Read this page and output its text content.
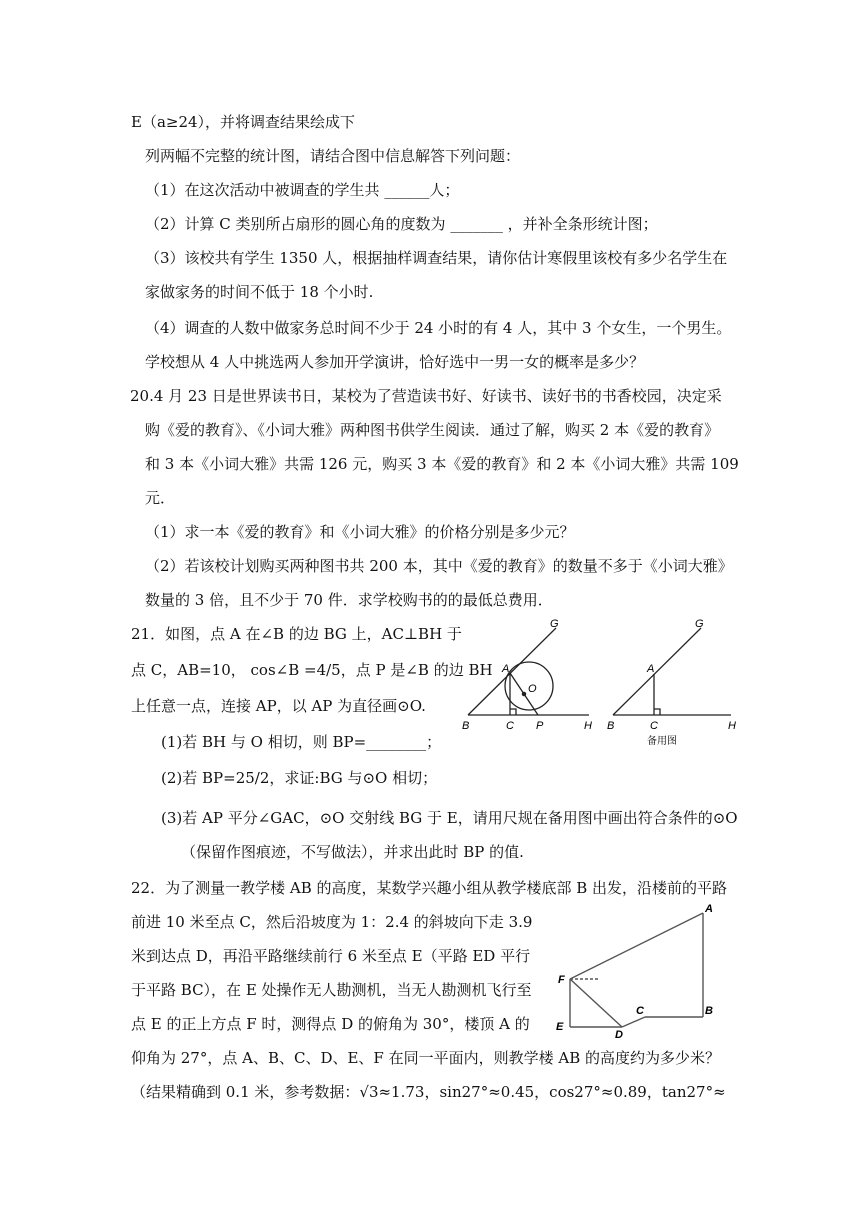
E（a≥24），并将调查结果绘成下
列两幅不完整的统计图，请结合图中信息解答下列问题：
（1）在这次活动中被调查的学生共 ______人；
（2）计算 C 类别所占扇形的圆心角的度数为 _______ ，并补全条形统计图；
（3）该校共有学生 1350 人，根据抽样调查结果，请你估计寒假里该校有多少名学生在
家做家务的时间不低于 18 个小时.
（4）调查的人数中做家务总时间不少于 24 小时的有 4 人，其中 3 个女生，一个男生。
学校想从 4 人中挑选两人参加开学演讲，恰好选中一男一女的概率是多少？
20.4 月 23 日是世界读书日，某校为了营造读书好、好读书、读好书的书香校园，决定采
购《爱的教育》、《小词大雅》两种图书供学生阅读．通过了解，购买 2 本《爱的教育》
和 3 本《小词大雅》共需 126 元，购买 3 本《爱的教育》和 2 本《小词大雅》共需 109
元．
（1）求一本《爱的教育》和《小词大雅》的价格分别是多少元？
（2）若该校计划购买两种图书共 200 本，其中《爱的教育》的数量不多于《小词大雅》
数量的 3 倍，且不少于 70 件．求学校购书的的最低总费用．
21．如图，点 A 在∠B 的边 BG 上，AC⊥BH 于
点 C，AB=10， cos∠B =4/5，点 P 是∠B 的边 BH
上任意一点，连接 AP，以 AP 为直径画⊙O.
(1)若 BH 与 O 相切，则 BP=________；
(2)若 BP=25/2，求证:BG 与⊙O 相切；
(3)若 AP 平分∠GAC，⊙O 交射线 BG 于 E，请用尺规在备用图中画出符合条件的⊙O
（保留作图痕迹，不写做法），并求出此时 BP 的值.
G
A
O
B	C P	H
G
A
B	C	H
备用图
22．为了测量一教学楼 AB 的高度，某数学兴趣小组从教学楼底部 B 出发，沿楼前的平路
前进 10 米至点 C，然后沿坡度为 1：2.4 的斜坡向下走 3.9
米到达点 D，再沿平路继续前行 6 米至点 E（平路 ED 平行
于平路 BC），在 E 处操作无人勘测机，当无人勘测机飞行至
点 E 的正上方点 F 时，测得点 D 的俯角为 30°，楼顶 A 的
仰角为 27°，点 A、B、C、D、E、F 在同一平面内，则教学楼 AB 的高度约为多少米？
（结果精确到 0.1 米，参考数据：√3≈1.73，sin27°≈0.45，cos27°≈0.89，tan27°≈
A
B
C
D
E
F
